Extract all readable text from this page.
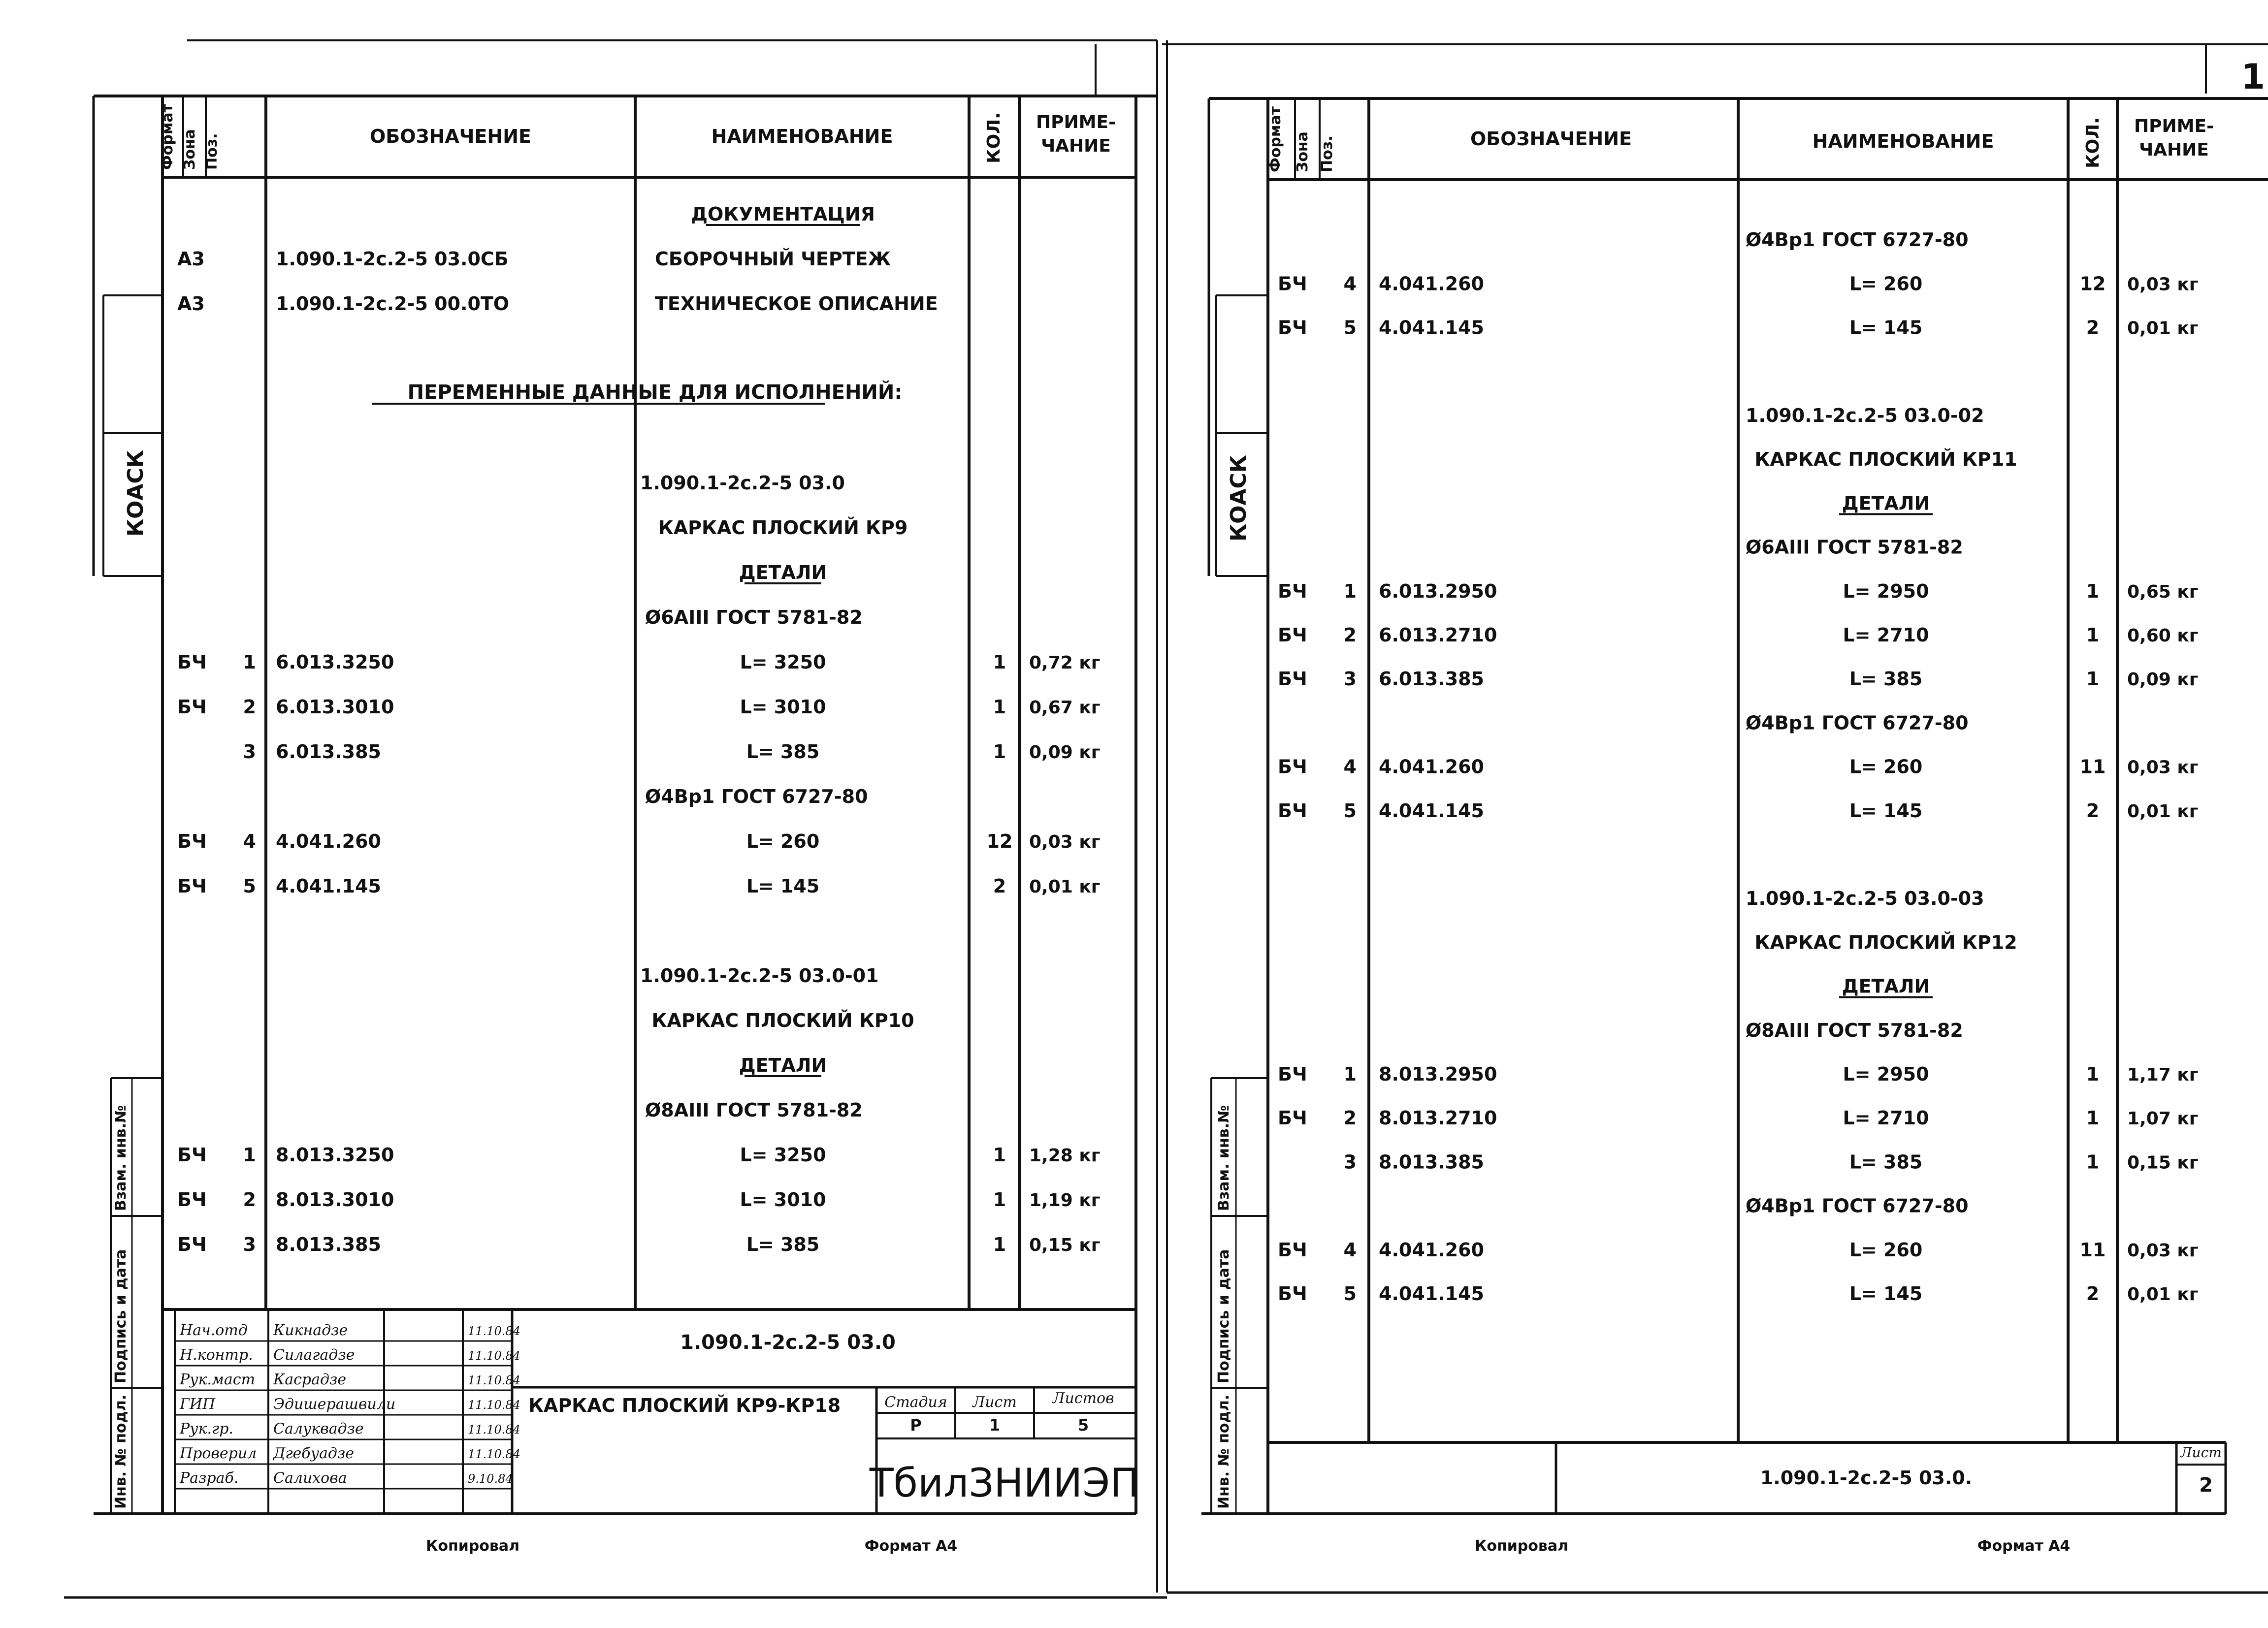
Формат Зона Поз.	ОБОЗНАЧЕНИЕ	НАИМЕНОВАНИЕ	КОЛ. ПРИМЕ-
ЧАНИЕ
КОАСК
Взам. инв.№
Подпись и дата
Инв. № подл.
ДОКУМЕНТАЦИЯ
А3	1.090.1-2с.2-5 03.0СБ	СБОРОЧНЫЙ ЧЕРТЕЖ
А3	1.090.1-2с.2-5 00.0ТО	ТЕХНИЧЕСКОЕ ОПИСАНИЕ
1.090.1-2с.2-5 03.0
КАРКАС ПЛОСКИЙ КР9
ДЕТАЛИ
Ø6АIII ГОСТ 5781-82
БЧ 1 6.013.3250	L= 3250	1 0,72 кг
БЧ 2 6.013.3010	L= 3010	1 0,67 кг
3 6.013.385	L= 385	1 0,09 кг
Ø4Вр1 ГОСТ 6727-80
БЧ 4 4.041.260	L= 260	12 0,03 кг
БЧ 5 4.041.145	L= 145	2 0,01 кг
1.090.1-2с.2-5 03.0-01
КАРКАС ПЛОСКИЙ КР10
ДЕТАЛИ
Ø8АIII ГОСТ 5781-82
БЧ 1 8.013.3250	L= 3250	1 1,28 кг
БЧ 2 8.013.3010	L= 3010	1 1,19 кг
БЧ 3 8.013.385	L= 385	1 0,15 кг
ПЕРЕМЕННЫЕ ДАННЫЕ ДЛЯ ИСПОЛНЕНИЙ:
Нач.отд Кикнадзе	11.10.84
Н.контр. Силагадзе	11.10.84
Рук.маст Касрадзе	11.10.84
ГИП	Эдишерашвили	11.10.84
Рук.гр.	Салуквадзе	11.10.84
Проверил Дгебуадзе	11.10.84
Разраб. Салихова	9.10.84
1.090.1-2с.2-5 03.0
КАРКАС ПЛОСКИЙ КР9-КР18	Стадия Лист Листов
Р	1	5
ТбилЗНИИЭП
Копировал	Формат А4
1
Формат Зона Поз.	ОБОЗНАЧЕНИЕ	НАИМЕНОВАНИЕ	КОЛ. ПРИМЕ-
ЧАНИЕ
КОАСК
Взам. инв.№
Подпись и дата
Инв. № подл.
Ø4Вр1 ГОСТ 6727-80
БЧ 4 4.041.260	L= 260	12 0,03 кг
БЧ 5 4.041.145	L= 145	2 0,01 кг
1.090.1-2с.2-5 03.0-02
КАРКАС ПЛОСКИЙ КР11
ДЕТАЛИ
Ø6АIII ГОСТ 5781-82
БЧ 1 6.013.2950	L= 2950	1 0,65 кг
БЧ 2 6.013.2710	L= 2710	1 0,60 кг
БЧ 3 6.013.385	L= 385	1 0,09 кг
Ø4Вр1 ГОСТ 6727-80
БЧ 4 4.041.260	L= 260	11 0,03 кг
БЧ 5 4.041.145	L= 145	2 0,01 кг
1.090.1-2с.2-5 03.0-03
КАРКАС ПЛОСКИЙ КР12
ДЕТАЛИ
Ø8АIII ГОСТ 5781-82
БЧ 1 8.013.2950	L= 2950	1 1,17 кг
БЧ 2 8.013.2710	L= 2710	1 1,07 кг
3 8.013.385	L= 385	1 0,15 кг
Ø4Вр1 ГОСТ 6727-80
БЧ 4 4.041.260	L= 260	11 0,03 кг
БЧ 5 4.041.145	L= 145	2 0,01 кг
1.090.1-2с.2-5 03.0.
Лист
2
Копировал	Формат А4
